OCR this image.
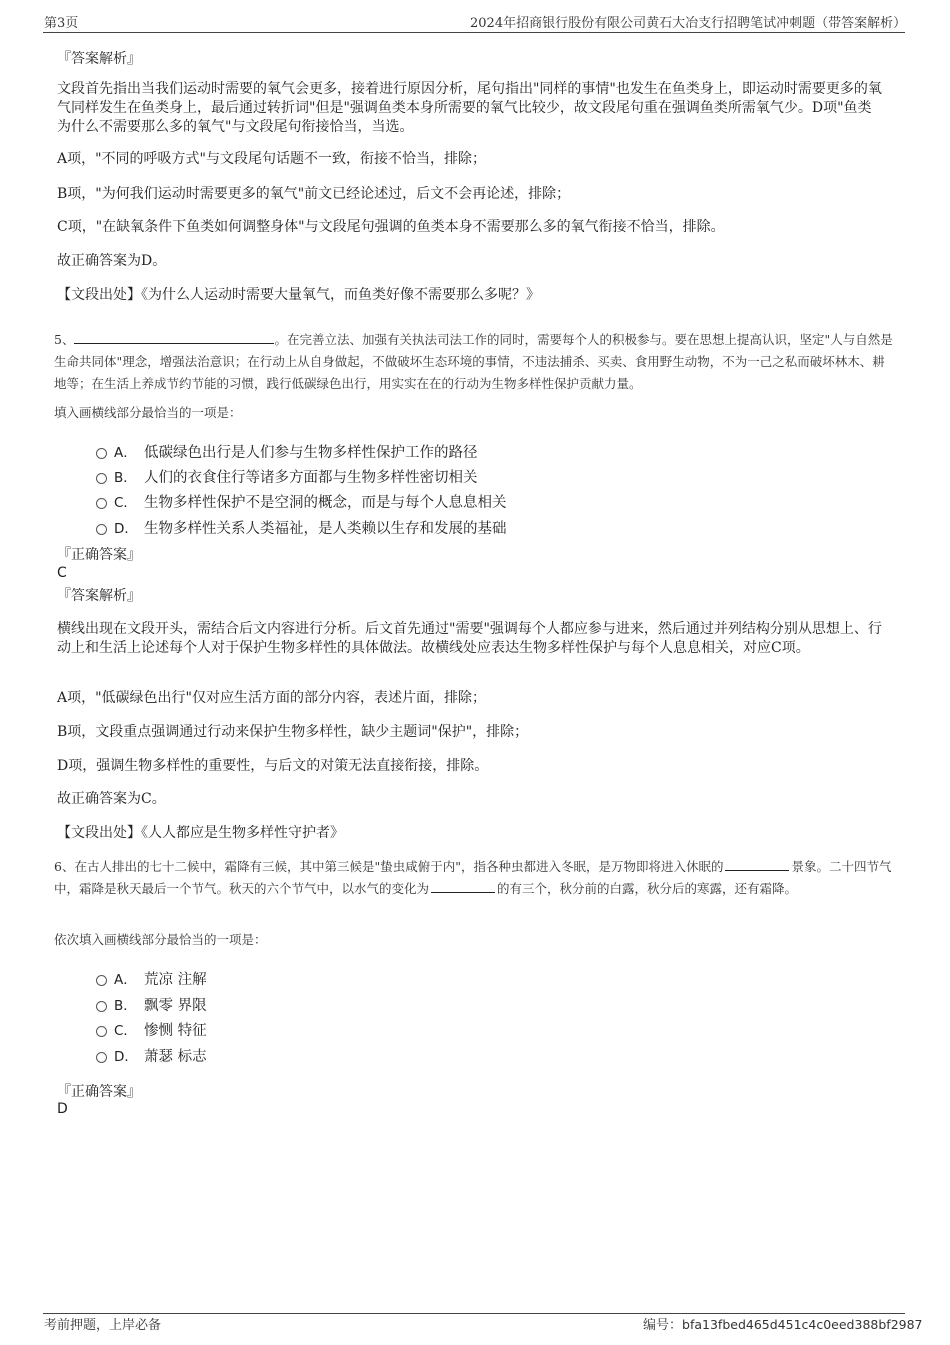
第3页	2024年招商银行股份有限公司黄石大冶支行招聘笔试冲刺题（带答案解析）
『答案解析』
文段首先指出当我们运动时需要的氧气会更多，接着进行原因分析，尾句指出"同样的事情"也发生在鱼类身上，即运动时需要更多的氧气同样发生在鱼类身上，最后通过转折词"但是"强调鱼类本身所需要的氧气比较少，故文段尾句重在强调鱼类所需氧气少。D项"鱼类为什么不需要那么多的氧气"与文段尾句衔接恰当，当选。
A项，"不同的呼吸方式"与文段尾句话题不一致，衔接不恰当，排除；
B项，"为何我们运动时需要更多的氧气"前文已经论述过，后文不会再论述，排除；
C项，"在缺氧条件下鱼类如何调整身体"与文段尾句强调的鱼类本身不需要那么多的氧气衔接不恰当，排除。
故正确答案为D。
【文段出处】《为什么人运动时需要大量氧气，而鱼类好像不需要那么多呢？》
5、	。在完善立法、加强有关执法司法工作的同时，需要每个人的积极参与。要在思想上提高认识，坚定"人与自然是生命共同体"理念，增强法治意识；在行动上从自身做起，不做破坏生态环境的事情，不违法捕杀、买卖、食用野生动物，不为一己之私而破坏林木、耕地等；在生活上养成节约节能的习惯，践行低碳绿色出行，用实实在在的行动为生物多样性保护贡献力量。
填入画横线部分最恰当的一项是：
A． 低碳绿色出行是人们参与生物多样性保护工作的路径
B． 人们的衣食住行等诸多方面都与生物多样性密切相关
C． 生物多样性保护不是空洞的概念，而是与每个人息息相关
D． 生物多样性关系人类福祉，是人类赖以生存和发展的基础
『正确答案』
C
『答案解析』
横线出现在文段开头，需结合后文内容进行分析。后文首先通过"需要"强调每个人都应参与进来，然后通过并列结构分别从思想上、行动上和生活上论述每个人对于保护生物多样性的具体做法。故横线处应表达生物多样性保护与每个人息息相关，对应C项。
A项，"低碳绿色出行"仅对应生活方面的部分内容，表述片面，排除；
B项，文段重点强调通过行动来保护生物多样性，缺少主题词"保护"，排除；
D项，强调生物多样性的重要性，与后文的对策无法直接衔接，排除。
故正确答案为C。
【文段出处】《人人都应是生物多样性守护者》
6、在古人排出的七十二候中，霜降有三候，其中第三候是"蛰虫咸俯于内"，指各种虫都进入冬眠，是万物即将进入休眠的	景象。二十四节气中，霜降是秋天最后一个节气。秋天的六个节气中，以水气的变化为	的有三个，秋分前的白露，秋分后的寒露，还有霜降。
依次填入画横线部分最恰当的一项是：
A． 荒凉 注解
B． 飘零 界限
C． 惨恻 特征
D． 萧瑟 标志
『正确答案』
D
考前押题，上岸必备	编号：bfa13fbed465d451c4c0eed388bf2987
